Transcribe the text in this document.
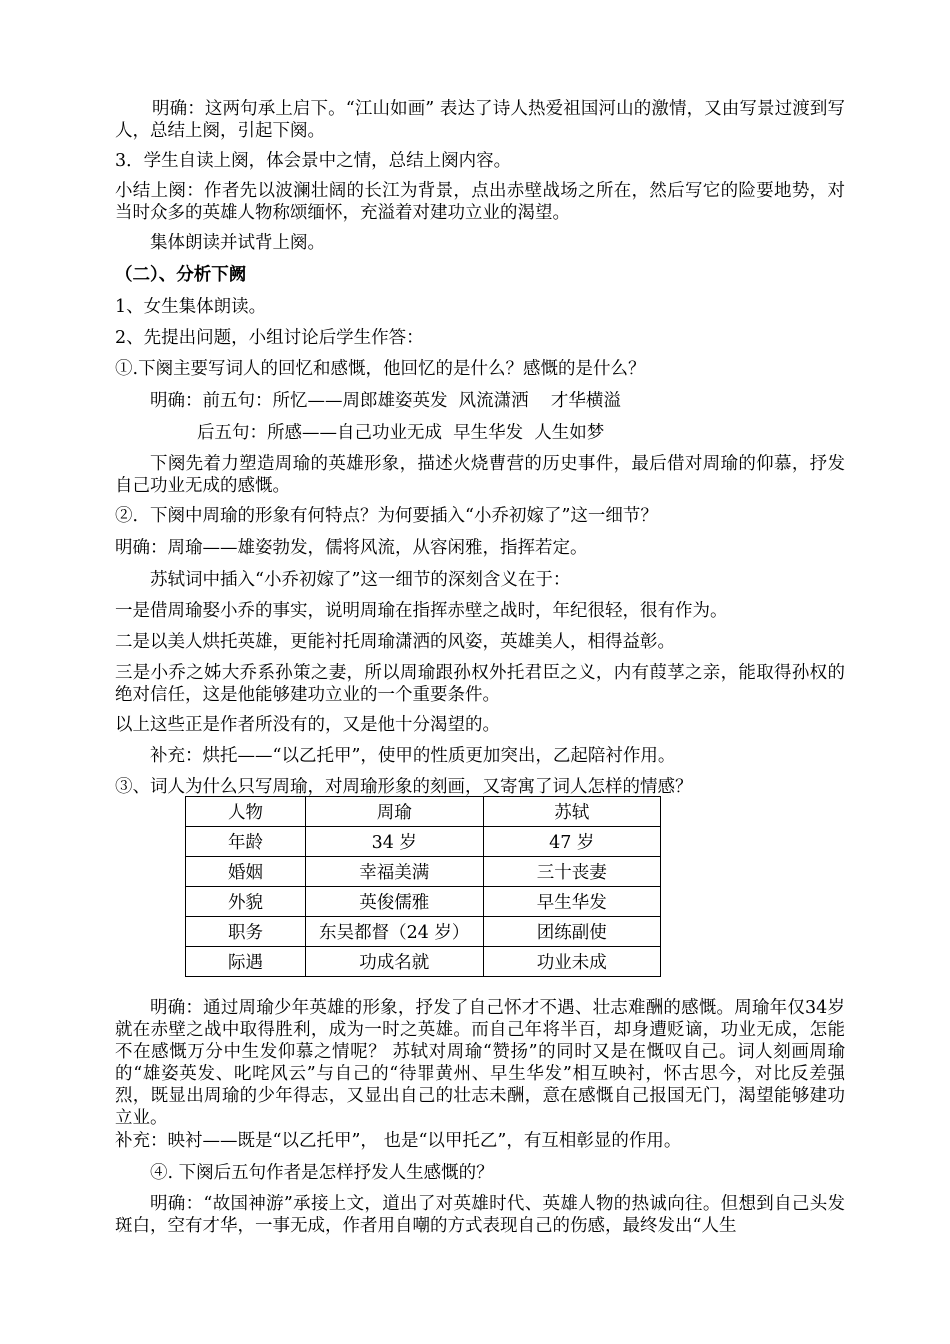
明确：这两句承上启下。“江山如画” 表达了诗人热爱祖国河山的激情，又由写景过渡到写人，总结上阕，引起下阕。
3．学生自读上阕，体会景中之情，总结上阕内容。
小结上阕：作者先以波澜壮阔的长江为背景，点出赤壁战场之所在，然后写它的险要地势，对当时众多的英雄人物称颂缅怀，充溢着对建功立业的渴望。
集体朗读并试背上阕。
（二）、分析下阙
1、女生集体朗读。
2、先提出问题，小组讨论后学生作答：
①.下阕主要写词人的回忆和感慨，他回忆的是什么？感慨的是什么？
明确：前五句：所忆——周郎雄姿英发  风流潇洒    才华横溢
后五句：所感——自己功业无成  早生华发  人生如梦
下阕先着力塑造周瑜的英雄形象，描述火烧曹营的历史事件，最后借对周瑜的仰慕，抒发自己功业无成的感慨。
②．下阕中周瑜的形象有何特点？为何要插入“小乔初嫁了”这一细节？
明确：周瑜——雄姿勃发，儒将风流，从容闲雅，指挥若定。
苏轼词中插入“小乔初嫁了”这一细节的深刻含义在于：
一是借周瑜娶小乔的事实，说明周瑜在指挥赤壁之战时，年纪很轻，很有作为。
二是以美人烘托英雄，更能衬托周瑜潇洒的风姿，英雄美人，相得益彰。
三是小乔之姊大乔系孙策之妻，所以周瑜跟孙权外托君臣之义，内有葭莩之亲，能取得孙权的绝对信任，这是他能够建功立业的一个重要条件。
以上这些正是作者所没有的，又是他十分渴望的。
补充：烘托——“以乙托甲”，使甲的性质更加突出，乙起陪衬作用。
③、词人为什么只写周瑜，对周瑜形象的刻画，又寄寓了词人怎样的情感？
人物	周瑜	苏轼
年龄	34 岁	47 岁
婚姻	幸福美满	三十丧妻
外貌	英俊儒雅	早生华发
职务	东吴都督（24 岁）	团练副使
际遇	功成名就	功业未成
明确：通过周瑜少年英雄的形象，抒发了自己怀才不遇、壮志难酬的感慨。周瑜年仅34岁就在赤壁之战中取得胜利，成为一时之英雄。而自己年将半百，却身遭贬谪，功业无成，怎能不在感慨万分中生发仰慕之情呢？ 苏轼对周瑜“赞扬”的同时又是在慨叹自己。词人刻画周瑜的“雄姿英发、叱咤风云”与自己的“待罪黄州、早生华发”相互映衬，怀古思今，对比反差强烈，既显出周瑜的少年得志，又显出自己的壮志未酬，意在感慨自己报国无门，渴望能够建功立业。
补充：映衬——既是“以乙托甲”， 也是“以甲托乙”，有互相彰显的作用。
④. 下阕后五句作者是怎样抒发人生感慨的？
明确：“故国神游”承接上文，道出了对英雄时代、英雄人物的热诚向往。但想到自己头发斑白，空有才华，一事无成，作者用自嘲的方式表现自己的伤感，最终发出“人生
